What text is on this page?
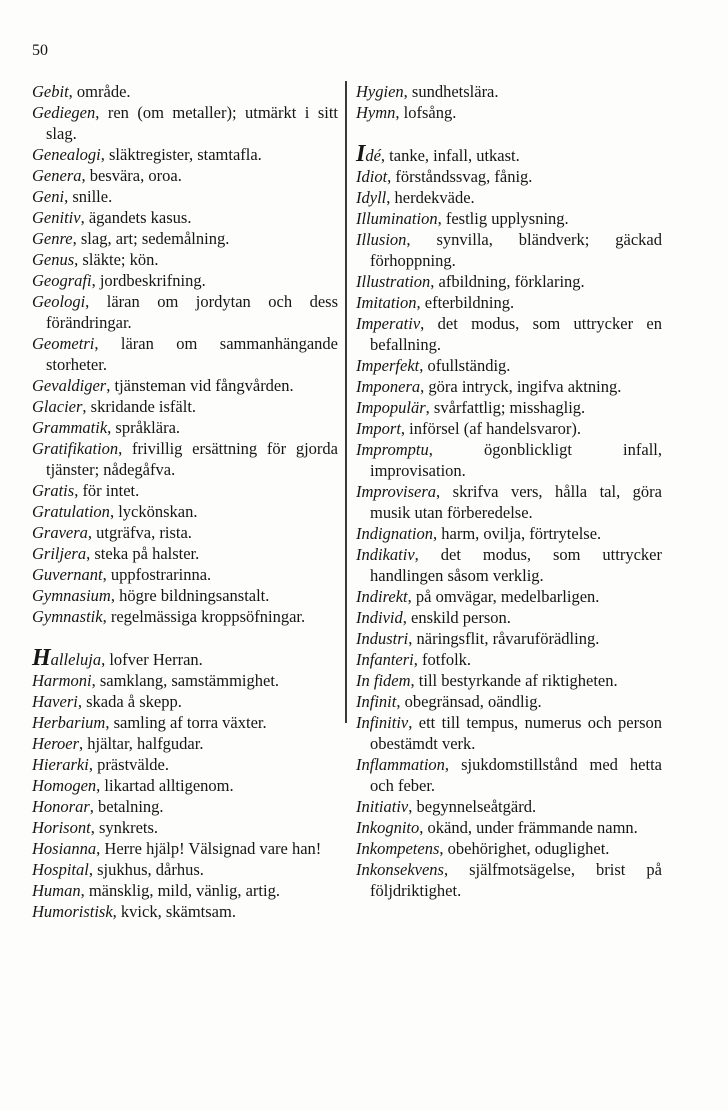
50

Gebit, område.

Gediegen, ren (om metaller); utmärkt i sitt slag.

Genealogi, släktregister, stamtafla.

Genera, besvära, oroa.

Geni, snille.

Genitiv, ägandets kasus.

Genre, slag, art; sedemålning.

Genus, släkte; kön.

Geografi, jordbeskrifning.

Geologi, läran om jordytan och dess förändringar.

Geometri, läran om sammanhängande storheter.

Gevaldiger, tjänsteman vid fångvården.

Glacier, skridande isfält.

Grammatik, språklära.

Gratifikation, frivillig ersättning för gjorda tjänster; nådegåfva.

Gratis, för intet.

Gratulation, lyckönskan.

Gravera, utgräfva, rista.

Griljera, steka på halster.

Guvernant, uppfostrarinna.

Gymnasium, högre bildningsanstalt.

Gymnastik, regelmässiga kroppsöfningar.

Halleluja, lofver Herran.

Harmoni, samklang, samstämmighet.

Haveri, skada å skepp.

Herbarium, samling af torra växter.

Heroer, hjältar, halfgudar.

Hierarki, prästvälde.

Homogen, likartad alltigenom.

Honorar, betalning.

Horisont, synkrets.

Hosianna, Herre hjälp! Välsignad vare han!

Hospital, sjukhus, dårhus.

Human, mänsklig, mild, vänlig, artig.

Humoristisk, kvick, skämtsam.

Hygien, sundhetslära.

Hymn, lofsång.

Idé, tanke, infall, utkast.

Idiot, förståndssvag, fånig.

Idyll, herdekväde.

Illumination, festlig upplysning.

Illusion, synvilla, bländverk; gäckad förhoppning.

Illustration, afbildning, förklaring.

Imitation, efterbildning.

Imperativ, det modus, som uttrycker en befallning.

Imperfekt, ofullständig.

Imponera, göra intryck, ingifva aktning.

Impopulär, svårfattlig; misshaglig.

Import, införsel (af handelsvaror).

Impromptu, ögonblickligt infall, improvisation.

Improvisera, skrifva vers, hålla tal, göra musik utan förberedelse.

Indignation, harm, ovilja, förtrytelse.

Indikativ, det modus, som uttrycker handlingen såsom verklig.

Indirekt, på omvägar, medelbarligen.

Individ, enskild person.

Industri, näringsflit, råvaruförädling.

Infanteri, fotfolk.

In fidem, till bestyrkande af riktigheten.

Infinit, obegränsad, oändlig.

Infinitiv, ett till tempus, numerus och person obestämdt verk.

Inflammation, sjukdomstillstånd med hetta och feber.

Initiativ, begynnelseåtgärd.

Inkognito, okänd, under främmande namn.

Inkompetens, obehörighet, oduglighet.

Inkonsekvens, själfmotsägelse, brist på följdriktighet.
